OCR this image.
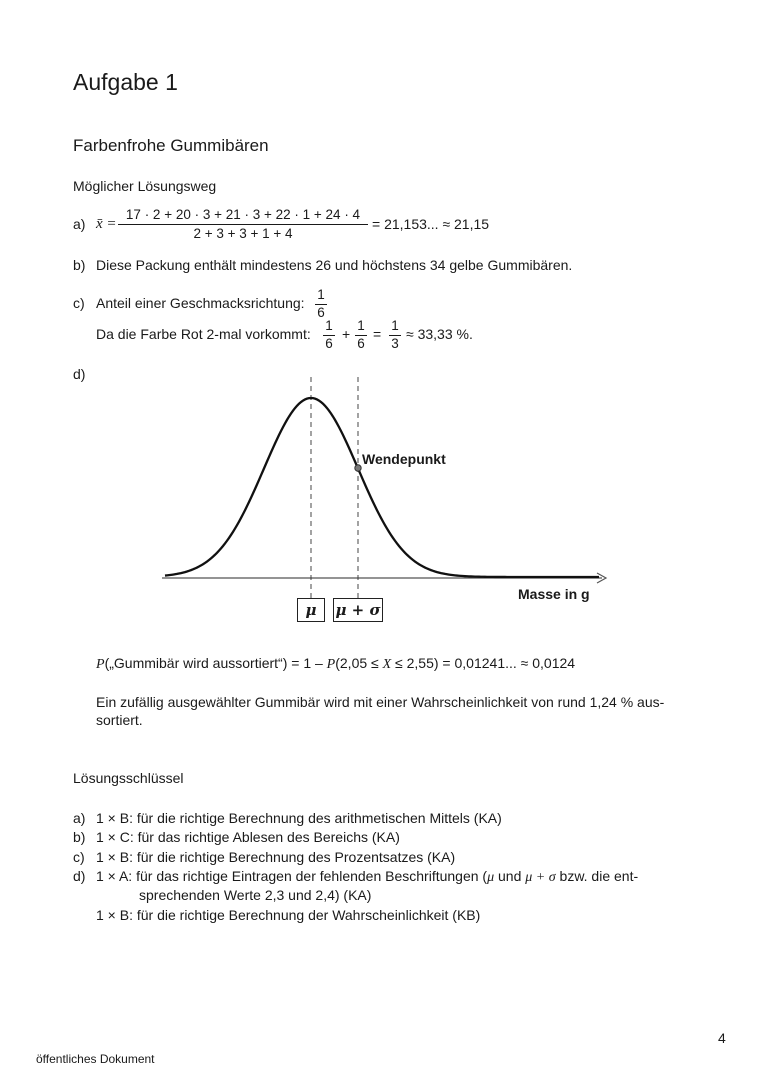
Aufgabe 1
Farbenfrohe Gummibären
Möglicher Lösungsweg
a) x̄ =
17 · 2 + 20 · 3 + 21 · 3 + 22 · 1 + 24 · 4
2 + 3 + 3 + 1 + 4
= 21,153... ≈ 21,15
b) Diese Packung enthält mindestens 26 und höchstens 34 gelbe Gummibären.
c) Anteil einer Geschmacksrichtung:
1
6
Da die Farbe Rot 2-mal vorkommt:
1
6
+
1
6
=
1
3
≈ 33,33 %.
d)
Wendepunkt
Masse in g
μ	μ + σ
P(„Gummibär wird aussortiert“) = 1 – P(2,05 ≤ X ≤ 2,55) = 0,01241... ≈ 0,0124
Ein zufällig ausgewählter Gummibär wird mit einer Wahrscheinlichkeit von rund 1,24 % aus-
sortiert.
Lösungsschlüssel
a) 1 × B: für die richtige Berechnung des arithmetischen Mittels (KA)
b) 1 × C: für das richtige Ablesen des Bereichs (KA)
c) 1 × B: für die richtige Berechnung des Prozentsatzes (KA)
d) 1 × A: für das richtige Eintragen der fehlenden Beschriftungen (μ und μ + σ bzw. die ent-
sprechenden Werte 2,3 und 2,4) (KA)
1 × B: für die richtige Berechnung der Wahrscheinlichkeit (KB)
4
öffentliches Dokument
